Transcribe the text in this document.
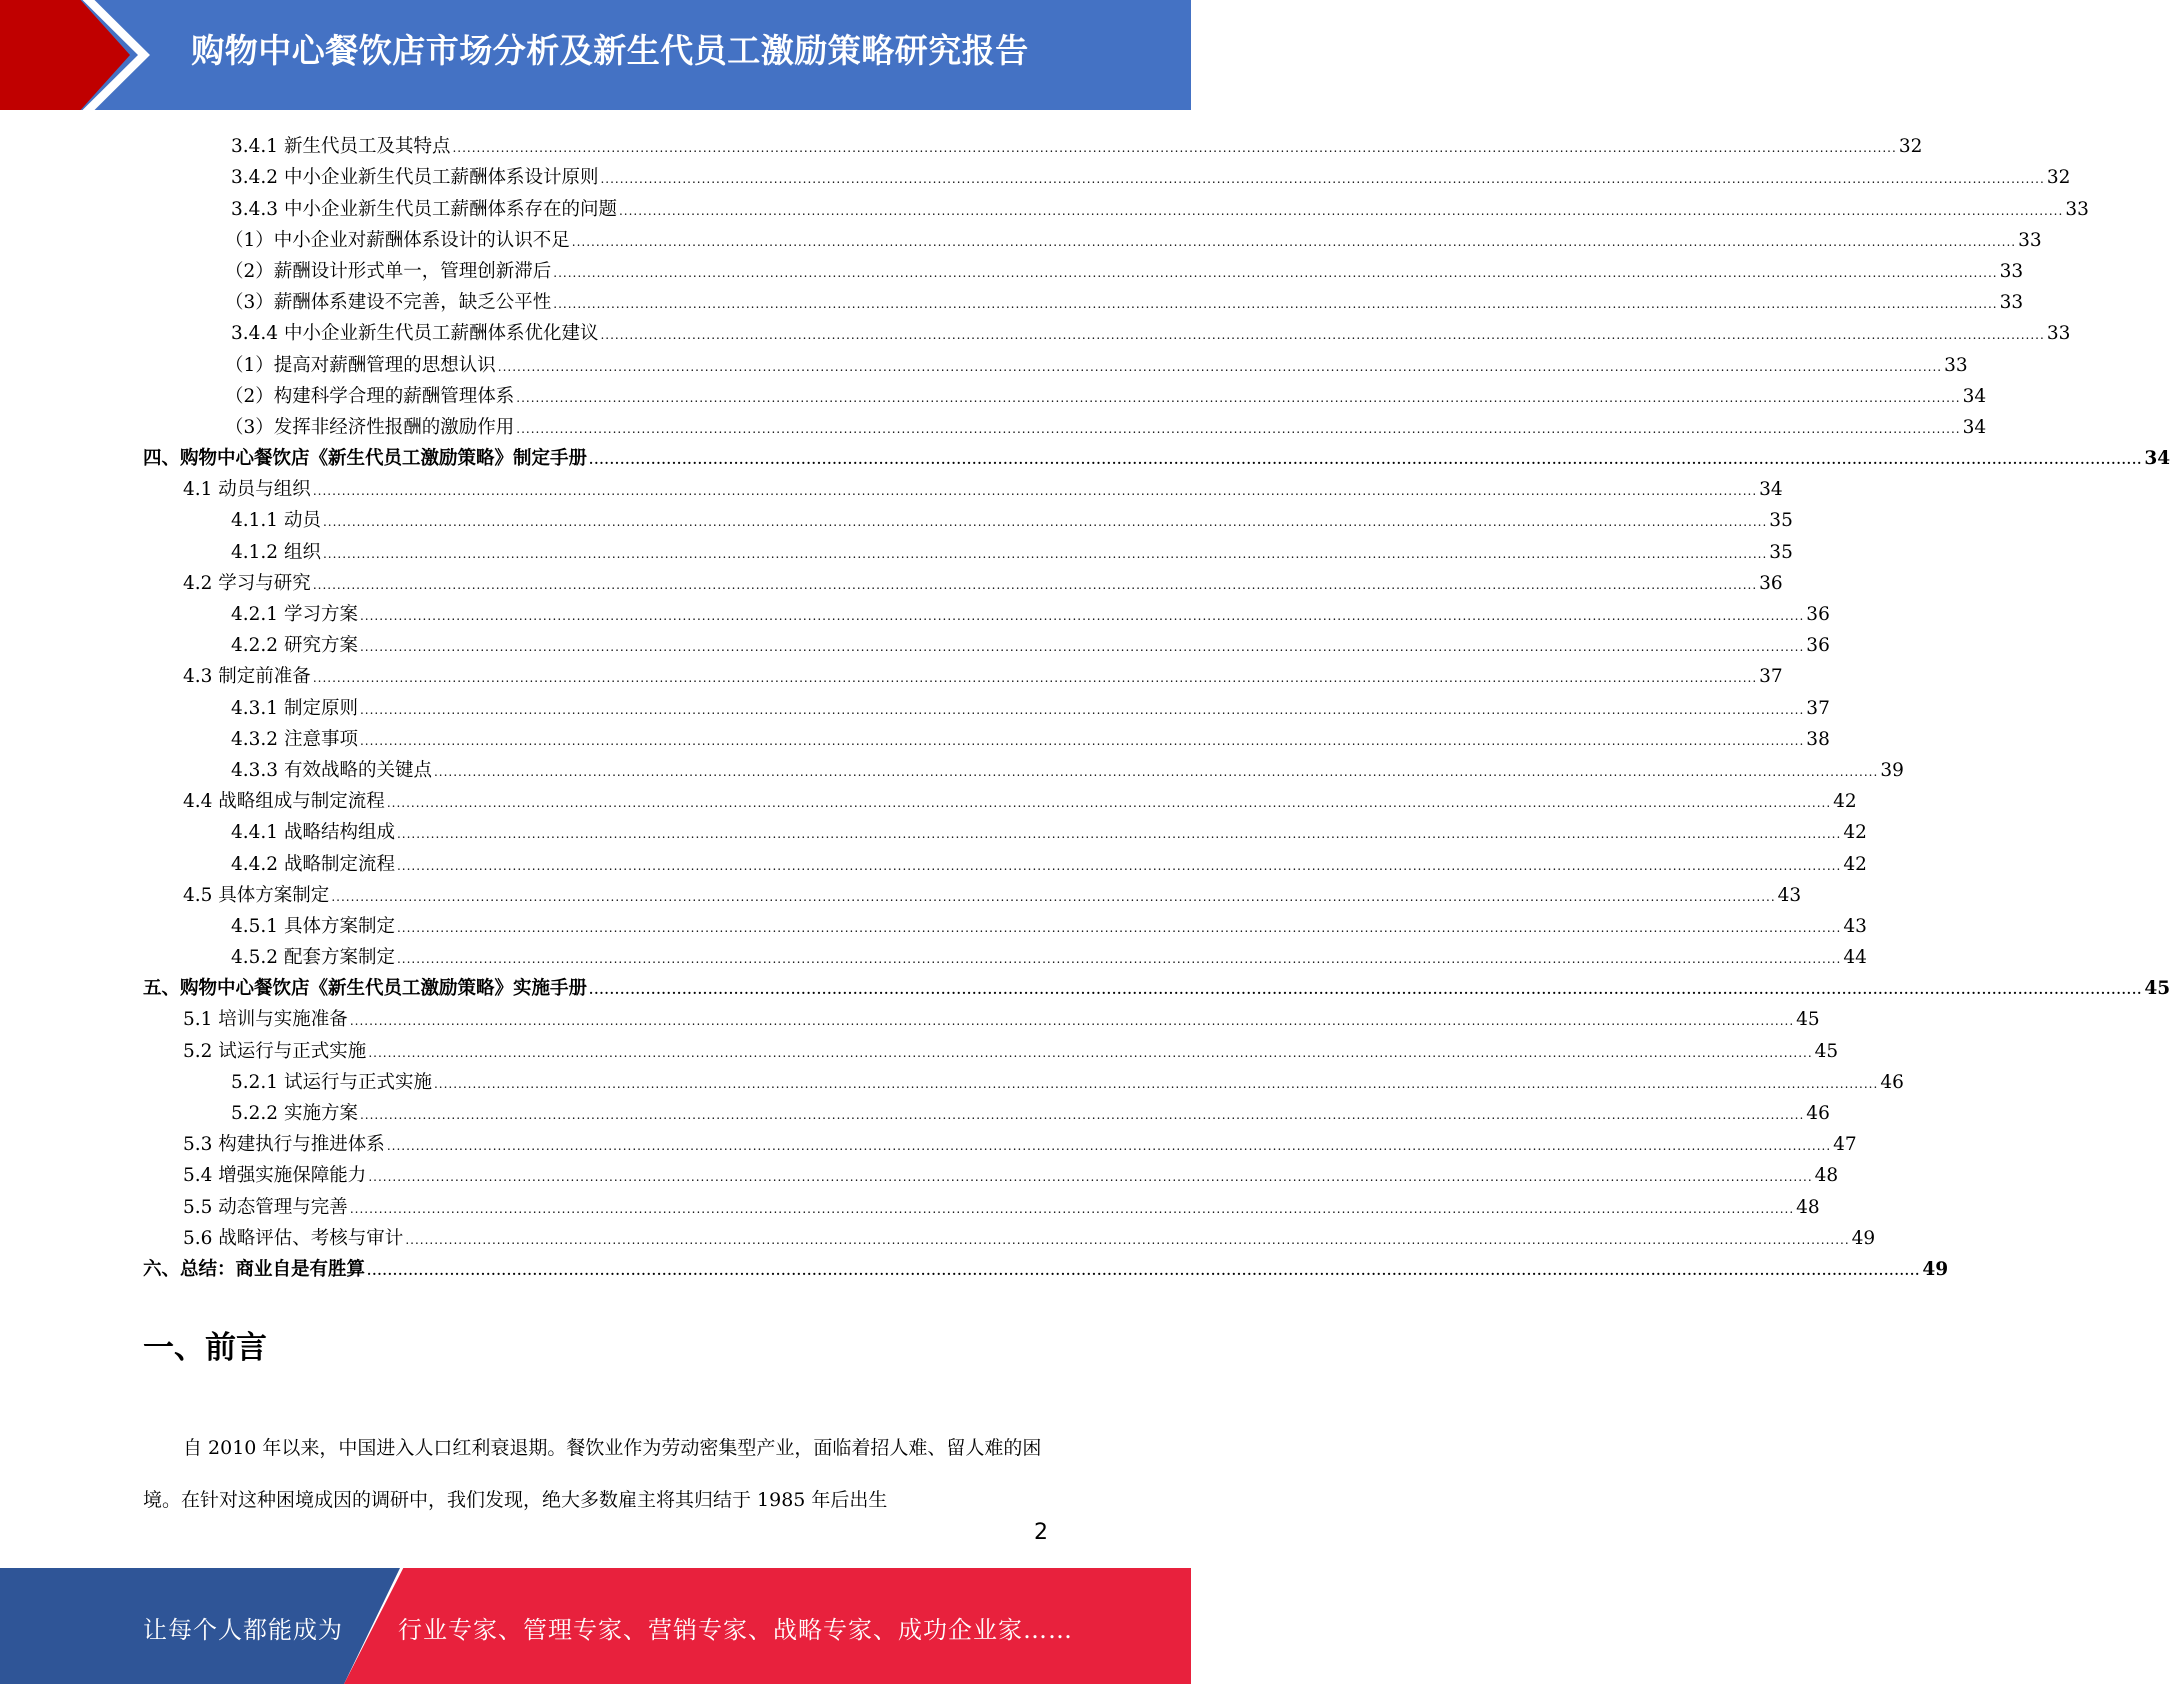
购物中心餐饮店市场分析及新生代员工激励策略研究报告
3.4.1 新生代员工及其特点 ............................................................................................................................................................................................................................................................................................................ 32
3.4.2 中小企业新生代员工薪酬体系设计原则 ............................................................................................................................................................................................................................................................................................................ 32
3.4.3 中小企业新生代员工薪酬体系存在的问题 ............................................................................................................................................................................................................................................................................................................ 33
（1）中小企业对薪酬体系设计的认识不足 ............................................................................................................................................................................................................................................................................................................ 33
（2）薪酬设计形式单一，管理创新滞后 ............................................................................................................................................................................................................................................................................................................ 33
（3）薪酬体系建设不完善，缺乏公平性 ............................................................................................................................................................................................................................................................................................................ 33
3.4.4 中小企业新生代员工薪酬体系优化建议 ............................................................................................................................................................................................................................................................................................................ 33
（1）提高对薪酬管理的思想认识 ............................................................................................................................................................................................................................................................................................................ 33
（2）构建科学合理的薪酬管理体系 ............................................................................................................................................................................................................................................................................................................ 34
（3）发挥非经济性报酬的激励作用 ............................................................................................................................................................................................................................................................................................................ 34
四、购物中心餐饮店《新生代员工激励策略》制定手册 ............................................................................................................................................................................................................................................................................................................ 34
4.1 动员与组织 ............................................................................................................................................................................................................................................................................................................ 34
4.1.1 动员 ............................................................................................................................................................................................................................................................................................................ 35
4.1.2 组织 ............................................................................................................................................................................................................................................................................................................ 35
4.2 学习与研究 ............................................................................................................................................................................................................................................................................................................ 36
4.2.1 学习方案 ............................................................................................................................................................................................................................................................................................................ 36
4.2.2 研究方案 ............................................................................................................................................................................................................................................................................................................ 36
4.3 制定前准备 ............................................................................................................................................................................................................................................................................................................ 37
4.3.1 制定原则 ............................................................................................................................................................................................................................................................................................................ 37
4.3.2 注意事项 ............................................................................................................................................................................................................................................................................................................ 38
4.3.3 有效战略的关键点 ............................................................................................................................................................................................................................................................................................................ 39
4.4 战略组成与制定流程 ............................................................................................................................................................................................................................................................................................................ 42
4.4.1 战略结构组成 ............................................................................................................................................................................................................................................................................................................ 42
4.4.2 战略制定流程 ............................................................................................................................................................................................................................................................................................................ 42
4.5 具体方案制定 ............................................................................................................................................................................................................................................................................................................ 43
4.5.1 具体方案制定 ............................................................................................................................................................................................................................................................................................................ 43
4.5.2 配套方案制定 ............................................................................................................................................................................................................................................................................................................ 44
五、购物中心餐饮店《新生代员工激励策略》实施手册 ............................................................................................................................................................................................................................................................................................................ 45
5.1 培训与实施准备 ............................................................................................................................................................................................................................................................................................................ 45
5.2 试运行与正式实施 ............................................................................................................................................................................................................................................................................................................ 45
5.2.1 试运行与正式实施 ............................................................................................................................................................................................................................................................................................................ 46
5.2.2 实施方案 ............................................................................................................................................................................................................................................................................................................ 46
5.3 构建执行与推进体系 ............................................................................................................................................................................................................................................................................................................ 47
5.4 增强实施保障能力 ............................................................................................................................................................................................................................................................................................................ 48
5.5 动态管理与完善 ............................................................................................................................................................................................................................................................................................................ 48
5.6 战略评估、考核与审计 ............................................................................................................................................................................................................................................................................................................ 49
六、总结：商业自是有胜算 ............................................................................................................................................................................................................................................................................................................ 49
一、前言
自 2010 年以来，中国进入人口红利衰退期。餐饮业作为劳动密集型产业，面临着招人难、留人难的困境。在针对这种困境成因的调研中，我们发现，绝大多数雇主将其归结于 1985 年后出生
2
让每个人都能成为 行业专家、管理专家、营销专家、战略专家、成功企业家……
